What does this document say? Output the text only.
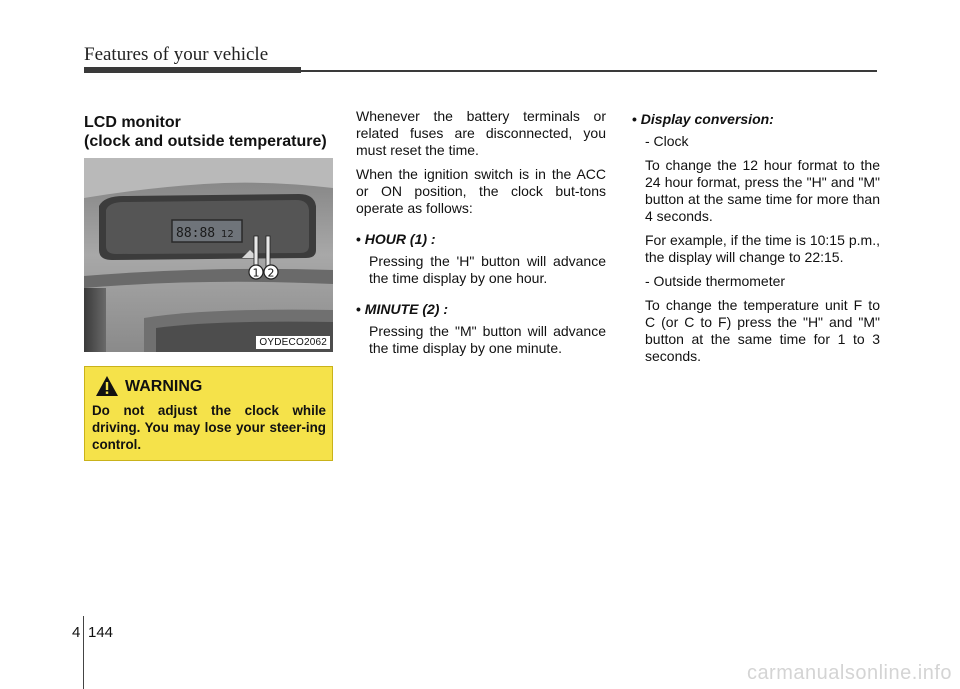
Features of your vehicle
LCD monitor
(clock and outside temperature)
88:88 12
1 2
OYDECO2062
WARNING
Do not adjust the clock while driving. You may lose your steer-ing control.

Whenever the battery terminals or related fuses are disconnected, you must reset the time.

When the ignition switch is in the ACC or ON position, the clock but-tons operate as follows:

• HOUR (1) :

Pressing the 'H" button will advance the time display by one hour.

• MINUTE (2) :

Pressing the "M" button will advance the time display by one minute.

• Display conversion:

- Clock

To change the 12 hour format to the 24 hour format, press the "H" and "M" button at the same time for more than 4 seconds.

For example, if the time is 10:15 p.m., the display will change to 22:15.

- Outside thermometer

To change the temperature unit F to C (or C to F) press the "H" and "M" button at the same time for 1 to 3 seconds.

4 144
carmanualsonline.info
